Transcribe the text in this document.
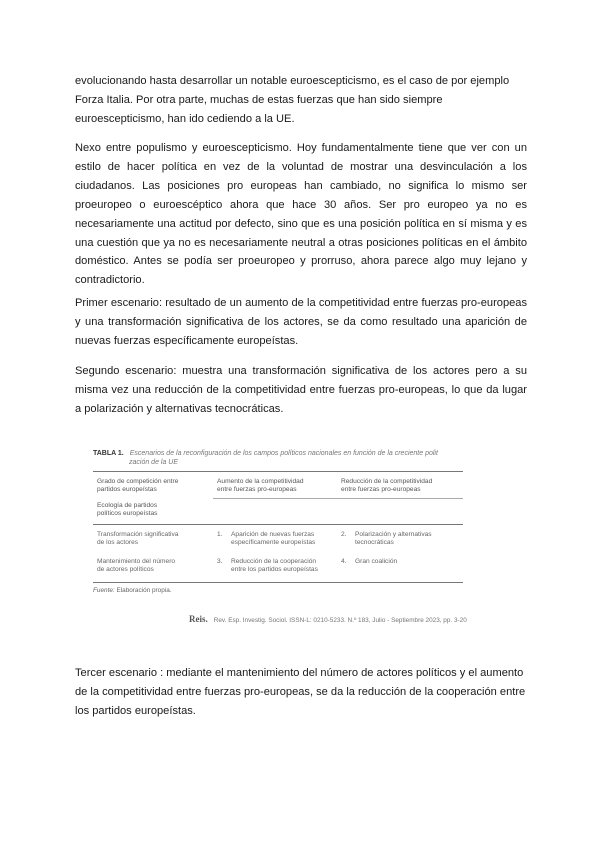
evolucionando hasta desarrollar un notable euroescepticismo, es el caso de por ejemplo Forza Italia. Por otra parte, muchas de estas fuerzas que han sido siempre euroescepticismo, han ido cediendo a la UE.

Nexo entre populismo y euroescepticismo. Hoy fundamentalmente tiene que ver con un estilo de hacer política en vez de la voluntad de mostrar una desvinculación a los ciudadanos. Las posiciones pro europeas han cambiado, no significa lo mismo ser proeuropeo o euroescéptico ahora que hace 30 años. Ser pro europeo ya no es necesariamente una actitud por defecto, sino que es una posición política en sí misma y es una cuestión que ya no es necesariamente neutral a otras posiciones políticas en el ámbito doméstico. Antes se podía ser proeuropeo y prorruso, ahora parece algo muy lejano y contradictorio.

Primer escenario: resultado de un aumento de la competitividad entre fuerzas pro-europeas y una transformación significativa de los actores, se da como resultado una aparición de nuevas fuerzas específicamente europeístas.

Segundo escenario: muestra una transformación significativa de los actores pero a su misma vez una reducción de la competitividad entre fuerzas pro-europeas, lo que da lugar a polarización y alternativas tecnocráticas.

TABLA 1. Escenarios de la reconfiguración de los campos políticos nacionales en función de la creciente polit
zación de la UE
Grado de competición entre
partidos europeístas
Aumento de la competitividad
entre fuerzas pro-europeas
Reducción de la competitividad
entre fuerzas pro-europeas
Ecología de partidos
políticos europeístas
Transformación significativa
de los actores
1. Aparición de nuevas fuerzas
específicamente europeístas
2. Polarización y alternativas
tecnocráticas
Mantenimiento del número
de actores políticos
3. Reducción de la cooperación
entre los partidos europeístas
4. Gran coalición
Fuente: Elaboración propia.
Reis. Rev. Esp. Investig. Sociol. ISSN-L: 0210-5233. N.º 183, Julio - Septiembre 2023, pp. 3-20

Tercer escenario : mediante el mantenimiento del número de actores políticos y el aumento de la competitividad entre fuerzas pro-europeas, se da la reducción de la cooperación entre los partidos europeístas.
